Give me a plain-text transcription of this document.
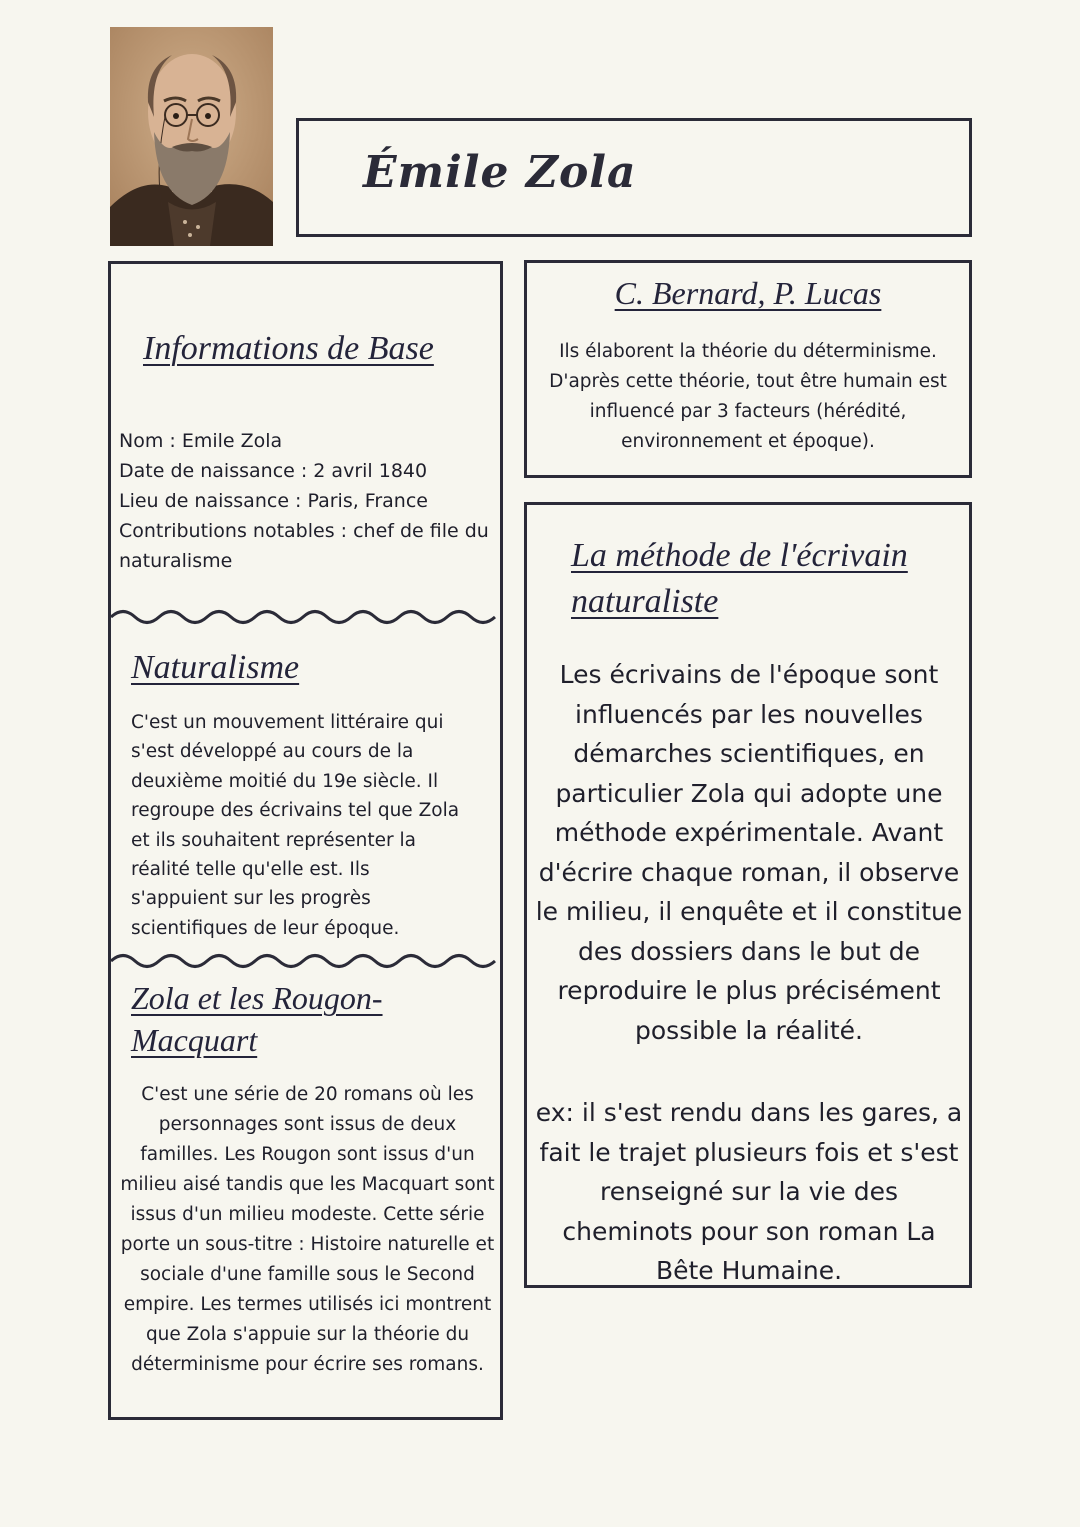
Émile Zola
Informations de Base

Nom : Emile Zola

Date de naissance : 2 avril 1840

Lieu de naissance : Paris, France

Contributions notables : chef de file du naturalisme

Naturalisme

C'est un mouvement littéraire qui s'est développé au cours de la deuxième moitié du 19e siècle. Il regroupe des écrivains tel que Zola et ils souhaitent représenter la réalité telle qu'elle est. Ils s'appuient sur les progrès scientifiques de leur époque.

Zola et les Rougon-Macquart

C'est une série de 20 romans où les personnages sont issus de deux familles. Les Rougon sont issus d'un milieu aisé tandis que les Macquart sont issus d'un milieu modeste. Cette série porte un sous-titre : Histoire naturelle et sociale d'une famille sous le Second empire. Les termes utilisés ici montrent que Zola s'appuie sur la théorie du déterminisme pour écrire ses romans.

C. Bernard, P. Lucas

Ils élaborent la théorie du déterminisme. D'après cette théorie, tout être humain est influencé par 3 facteurs (hérédité, environnement et époque).

La méthode de l'écrivain naturaliste

Les écrivains de l'époque sont influencés par les nouvelles démarches scientifiques, en particulier Zola qui adopte une méthode expérimentale. Avant d'écrire chaque roman, il observe le milieu, il enquête et il constitue des dossiers dans le but de reproduire le plus précisément possible la réalité.

ex: il s'est rendu dans les gares, a fait le trajet plusieurs fois et s'est renseigné sur la vie des cheminots pour son roman La Bête Humaine.
